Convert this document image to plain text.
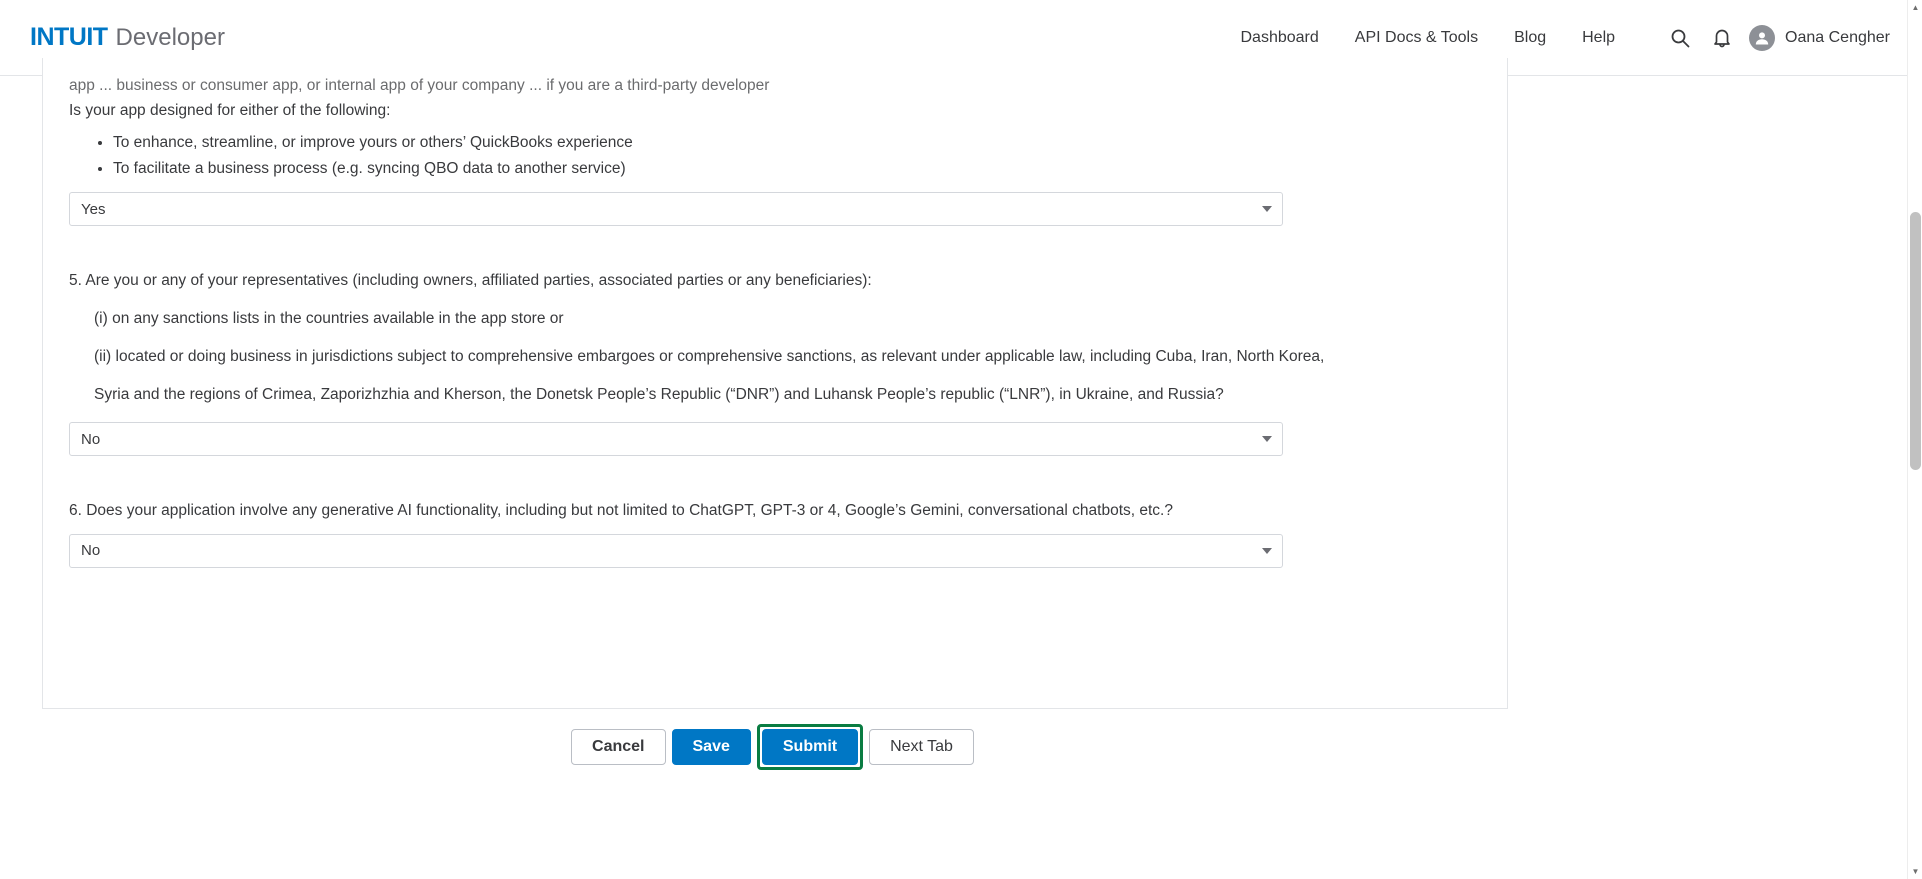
INTUIT Developer	Dashboard	API Docs & Tools	Blog	Help	Oana Cengher
app ... business or consumer app, or internal app of your company ... if you are a third-party developer

Is your app designed for either of the following:

• To enhance, streamline, or improve yours or others’ QuickBooks experience
• To facilitate a business process (e.g. syncing QBO data to another service)
Yes

5. Are you or any of your representatives (including owners, affiliated parties, associated parties or any beneficiaries):

(i) on any sanctions lists in the countries available in the app store or

(ii) located or doing business in jurisdictions subject to comprehensive embargoes or comprehensive sanctions, as relevant under applicable law, including Cuba, Iran, North Korea,

Syria and the regions of Crimea, Zaporizhzhia and Kherson, the Donetsk People’s Republic (“DNR”) and Luhansk People’s republic (“LNR”), in Ukraine, and Russia?

No

6. Does your application involve any generative AI functionality, including but not limited to ChatGPT, GPT-3 or 4, Google’s Gemini, conversational chatbots, etc.?

No
Cancel	Save	Submit	Next Tab
▲
▼
